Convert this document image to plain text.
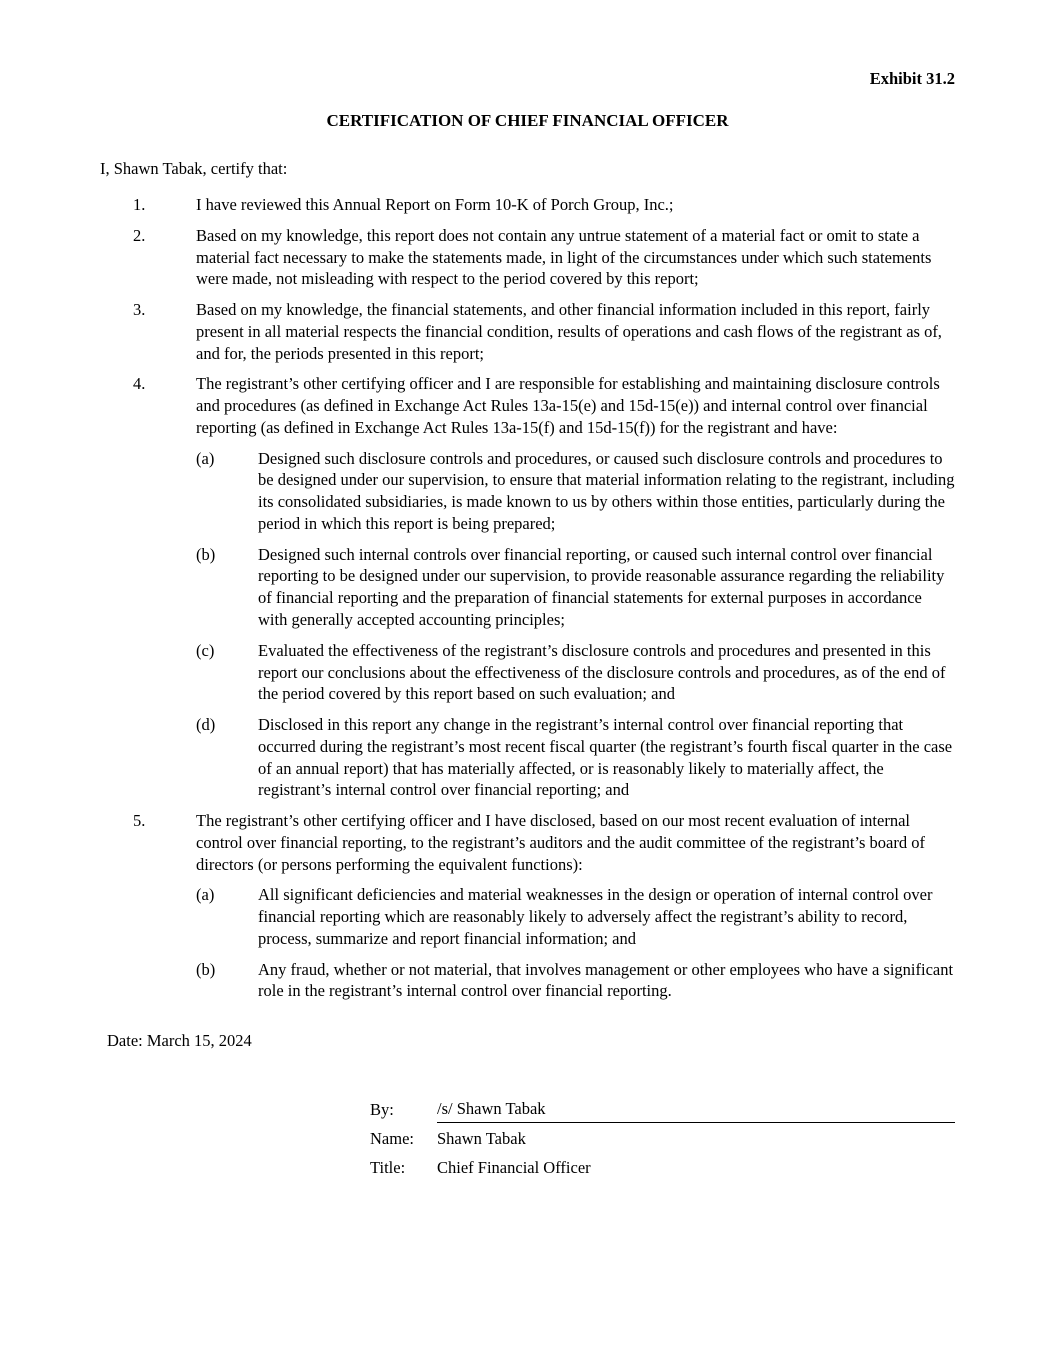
Exhibit 31.2
CERTIFICATION OF CHIEF FINANCIAL OFFICER

I, Shawn Tabak, certify that:

1.	I have reviewed this Annual Report on Form 10-K of Porch Group, Inc.;
2.	Based on my knowledge, this report does not contain any untrue statement of a material fact or omit to state a material fact necessary to make the statements made, in light of the circumstances under which such statements were made, not misleading with respect to the period covered by this report;
3.	Based on my knowledge, the financial statements, and other financial information included in this report, fairly present in all material respects the financial condition, results of operations and cash flows of the registrant as of, and for, the periods presented in this report;
4.	The registrant’s other certifying officer and I are responsible for establishing and maintaining disclosure controls and procedures (as defined in Exchange Act Rules 13a-15(e) and 15d-15(e)) and internal control over financial reporting (as defined in Exchange Act Rules 13a-15(f) and 15d-15(f)) for the registrant and have:
(a)	Designed such disclosure controls and procedures, or caused such disclosure controls and procedures to be designed under our supervision, to ensure that material information relating to the registrant, including its consolidated subsidiaries, is made known to us by others within those entities, particularly during the period in which this report is being prepared;
(b)	Designed such internal controls over financial reporting, or caused such internal control over financial reporting to be designed under our supervision, to provide reasonable assurance regarding the reliability of financial reporting and the preparation of financial statements for external purposes in accordance with generally accepted accounting principles;
(c)	Evaluated the effectiveness of the registrant’s disclosure controls and procedures and presented in this report our conclusions about the effectiveness of the disclosure controls and procedures, as of the end of the period covered by this report based on such evaluation; and
(d)	Disclosed in this report any change in the registrant’s internal control over financial reporting that occurred during the registrant’s most recent fiscal quarter (the registrant’s fourth fiscal quarter in the case of an annual report) that has materially affected, or is reasonably likely to materially affect, the registrant’s internal control over financial reporting; and
5.	The registrant’s other certifying officer and I have disclosed, based on our most recent evaluation of internal control over financial reporting, to the registrant’s auditors and the audit committee of the registrant’s board of directors (or persons performing the equivalent functions):
(a)	All significant deficiencies and material weaknesses in the design or operation of internal control over financial reporting which are reasonably likely to adversely affect the registrant’s ability to record, process, summarize and report financial information; and
(b)	Any fraud, whether or not material, that involves management or other employees who have a significant role in the registrant’s internal control over financial reporting.
Date: March 15, 2024
By:	/s/ Shawn Tabak
Name:	Shawn Tabak
Title:	Chief Financial Officer
